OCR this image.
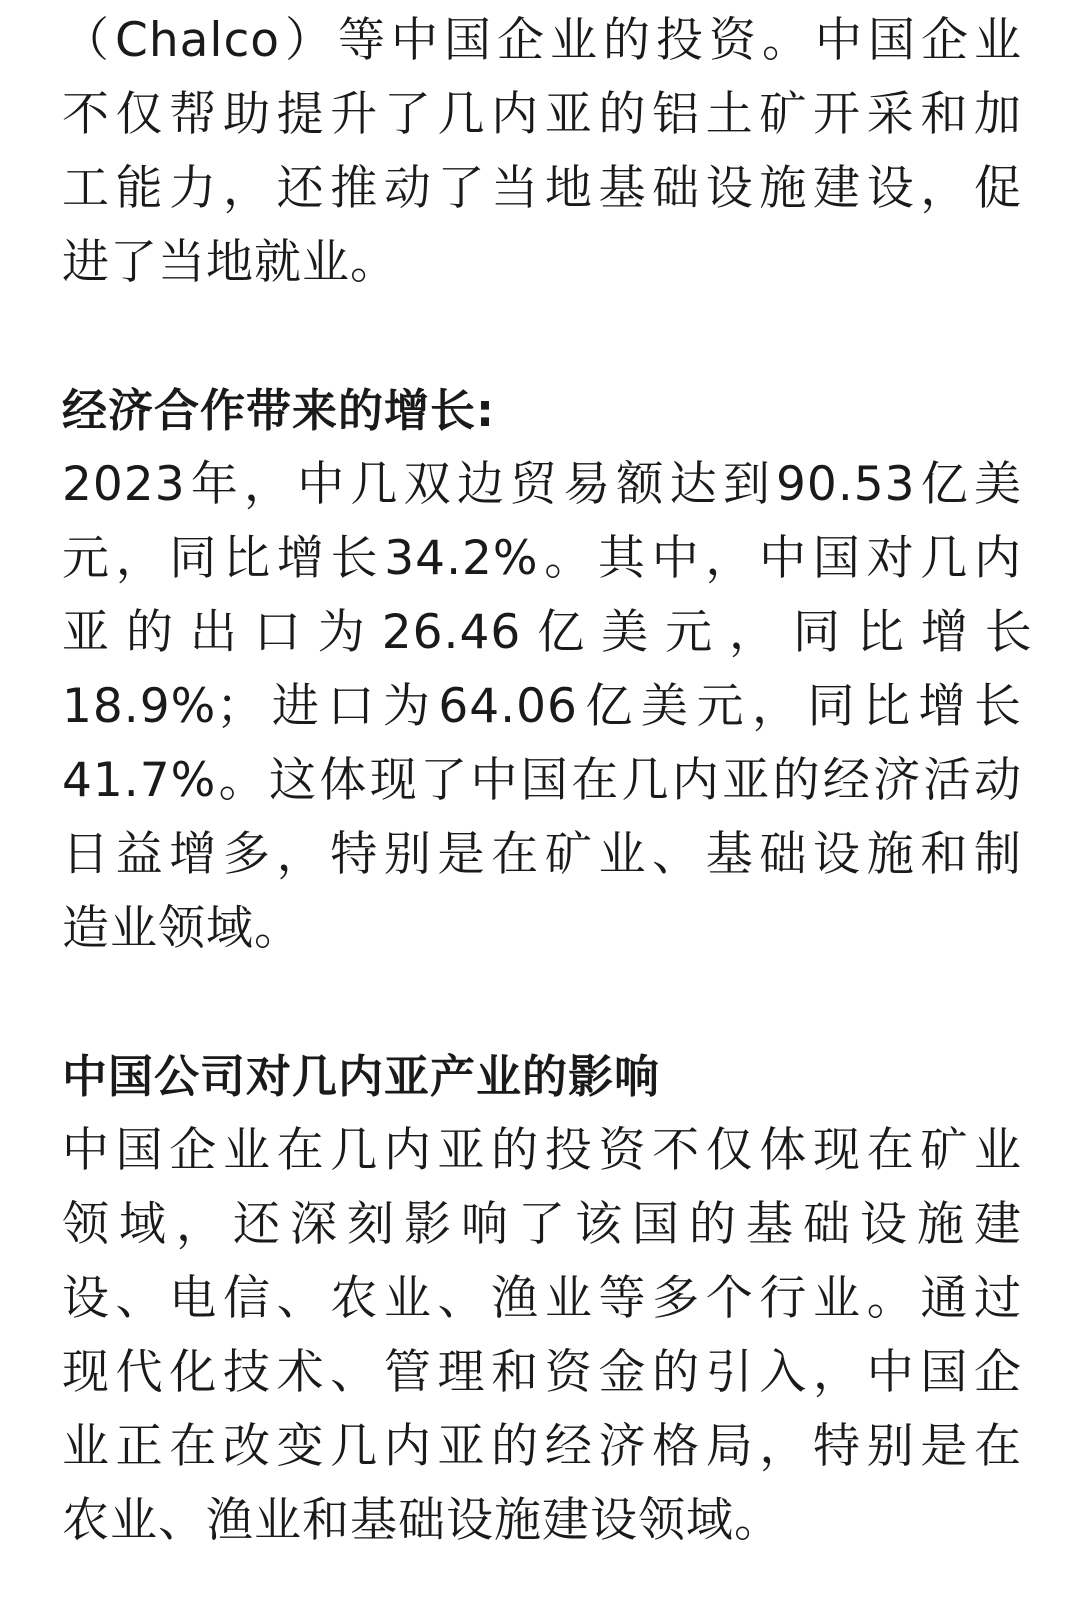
（Chalco）等中国企业的投资。中国企业
不仅帮助提升了几内亚的铝土矿开采和加
工能力，还推动了当地基础设施建设，促
进了当地就业。

经济合作带来的增长:

2023年，中几双边贸易额达到90.53亿美
元，同比增长34.2%。其中，中国对几内
亚 的 出 口 为 26.46 亿 美 元 ， 同 比 增 长
18.9%；进口为64.06亿美元，同比增长
41.7%。这体现了中国在几内亚的经济活动
日益增多，特别是在矿业、基础设施和制
造业领域。

中国公司对几内亚产业的影响

中国企业在几内亚的投资不仅体现在矿业
领域，还深刻影响了该国的基础设施建
设、电信、农业、渔业等多个行业。通过
现代化技术、管理和资金的引入，中国企
业正在改变几内亚的经济格局，特别是在
农业、渔业和基础设施建设领域。
